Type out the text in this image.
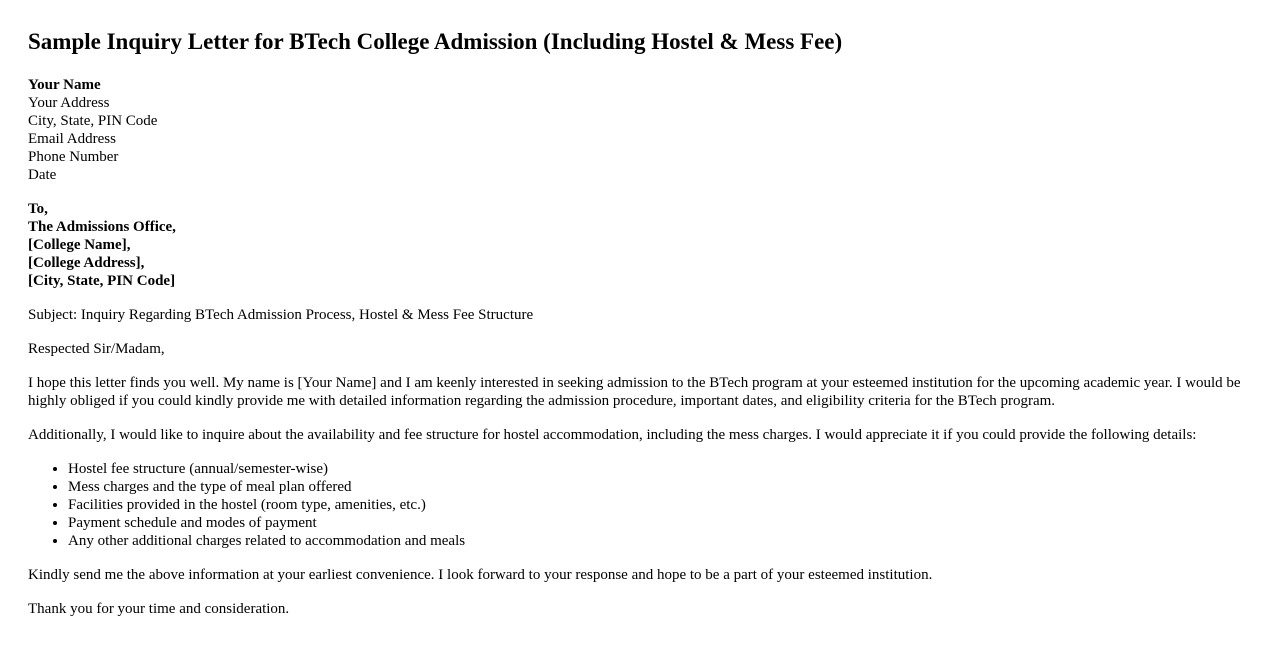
Sample Inquiry Letter for BTech College Admission (Including Hostel & Mess Fee)
Your Name
Your Address
City, State, PIN Code
Email Address
Phone Number
Date
To,
The Admissions Office,
[College Name],
[College Address],
[City, State, PIN Code]

Subject: Inquiry Regarding BTech Admission Process, Hostel & Mess Fee Structure

Respected Sir/Madam,

I hope this letter finds you well. My name is [Your Name] and I am keenly interested in seeking admission to the BTech program at your esteemed institution for the upcoming academic year. I would be highly obliged if you could kindly provide me with detailed information regarding the admission procedure, important dates, and eligibility criteria for the BTech program.

Additionally, I would like to inquire about the availability and fee structure for hostel accommodation, including the mess charges. I would appreciate it if you could provide the following details:

• Hostel fee structure (annual/semester-wise)
• Mess charges and the type of meal plan offered
• Facilities provided in the hostel (room type, amenities, etc.)
• Payment schedule and modes of payment
• Any other additional charges related to accommodation and meals

Kindly send me the above information at your earliest convenience. I look forward to your response and hope to be a part of your esteemed institution.

Thank you for your time and consideration.
